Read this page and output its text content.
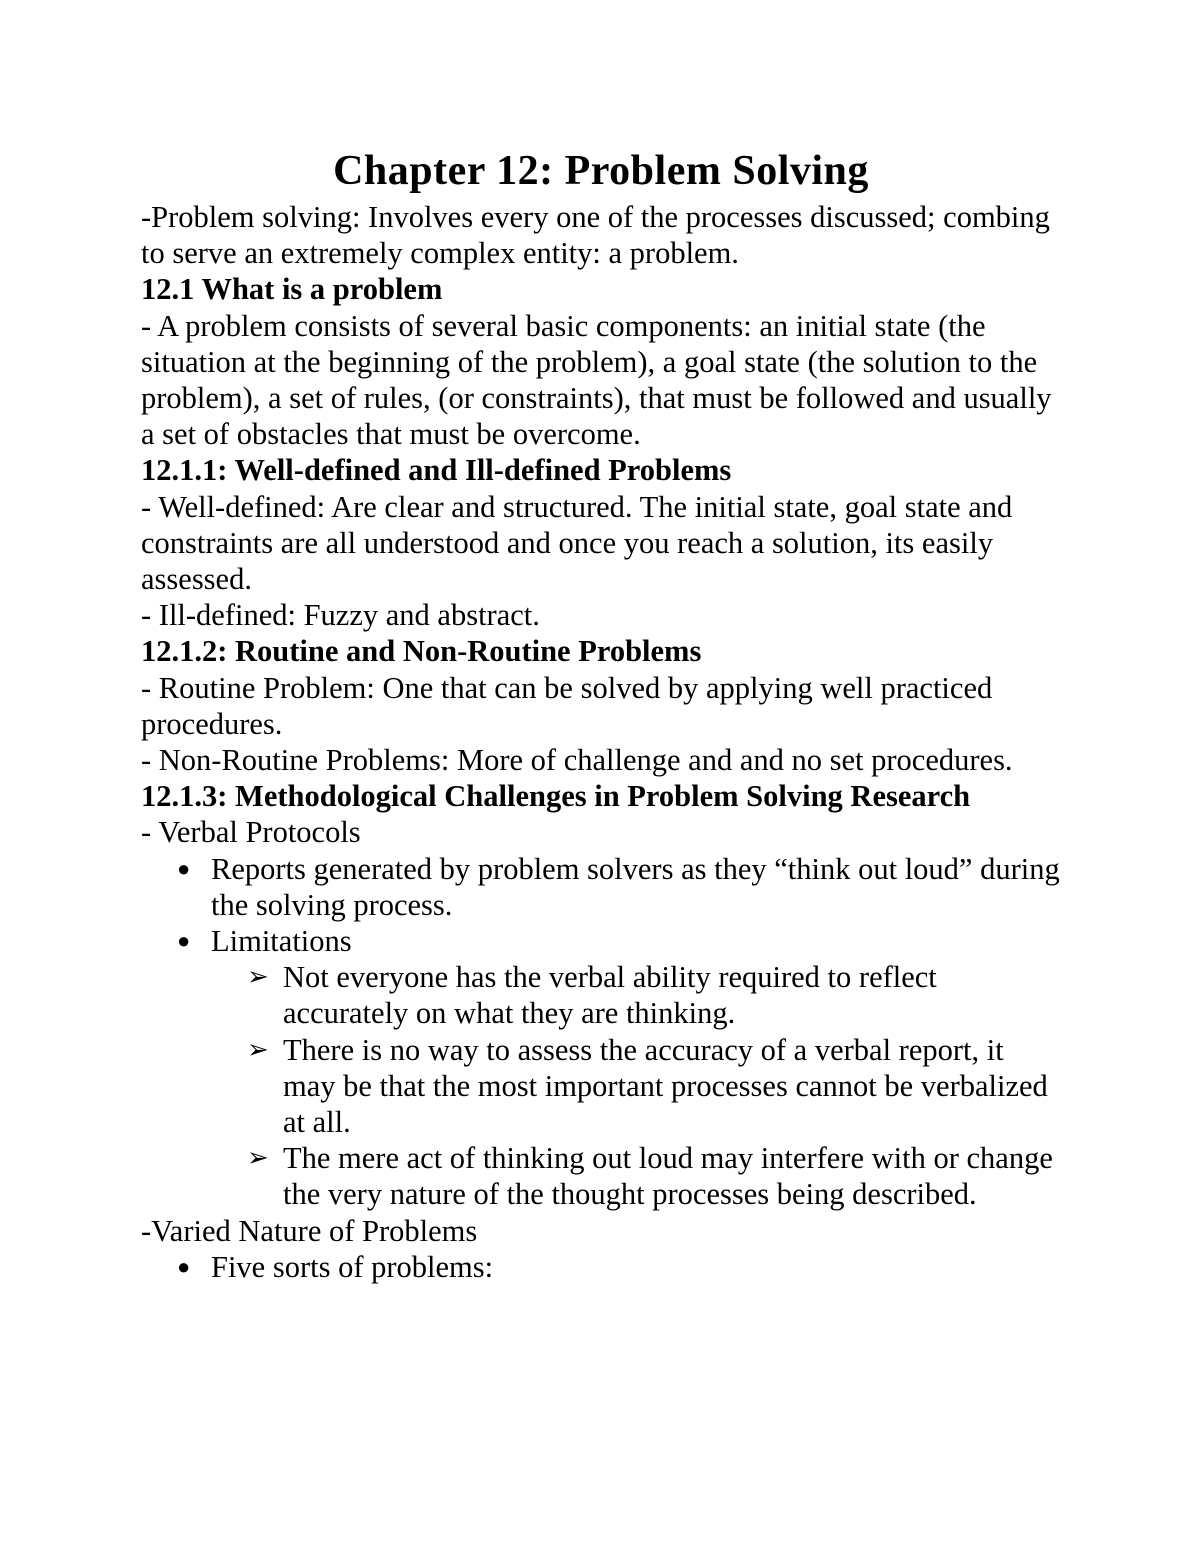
Chapter 12: Problem Solving

-Problem solving: Involves every one of the processes discussed; combing to serve an extremely complex entity: a problem.

12.1 What is a problem

- A problem consists of several basic components: an initial state (the situation at the beginning of the problem), a goal state (the solution to the problem), a set of rules, (or constraints), that must be followed and usually a set of obstacles that must be overcome.

12.1.1: Well-defined and Ill-defined Problems

- Well-defined: Are clear and structured. The initial state, goal state and constraints are all understood and once you reach a solution, its easily assessed.

- Ill-defined: Fuzzy and abstract.

12.1.2: Routine and Non-Routine Problems

- Routine Problem: One that can be solved by applying well practiced procedures.

- Non-Routine Problems: More of challenge and and no set procedures.

12.1.3: Methodological Challenges in Problem Solving Research

- Verbal Protocols

● Reports generated by problem solvers as they “think out loud” during the solving process.
● Limitations
➢ Not everyone has the verbal ability required to reflect accurately on what they are thinking.
➢ There is no way to assess the accuracy of a verbal report, it may be that the most important processes cannot be verbalized at all.
➢ The mere act of thinking out loud may interfere with or change the very nature of the thought processes being described.

-Varied Nature of Problems

● Five sorts of problems:
